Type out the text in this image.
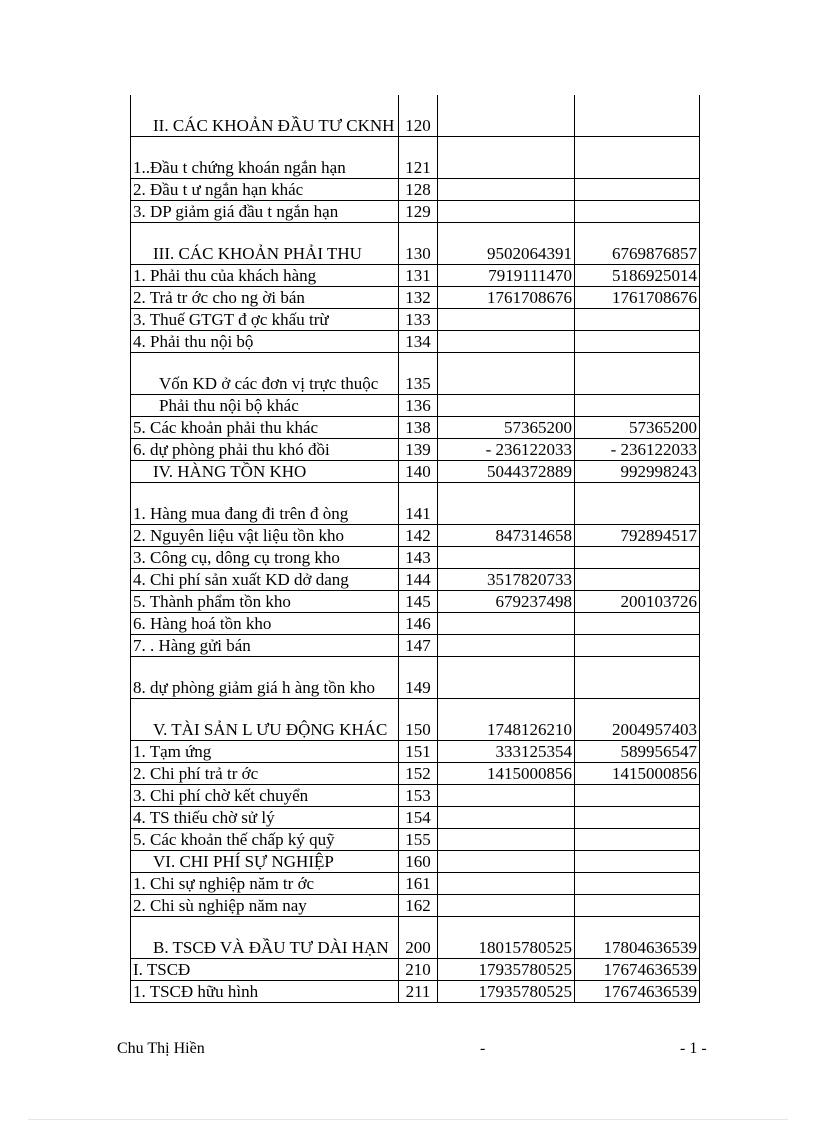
II. CÁC KHOẢN ĐẦU TƯ CKNH	120		
1..Đầu t chứng khoán ngắn hạn	121		
2. Đầu t ư ngắn hạn khác	128		
3. DP giảm giá đầu t ngắn hạn	129		
III. CÁC KHOẢN PHẢI THU	130	9502064391	6769876857
1. Phải thu của khách hàng	131	7919111470	5186925014
2. Trả tr ớc cho ng ời bán	132	1761708676	1761708676
3. Thuế GTGT đ ợc khấu trừ	133		
4. Phải thu nội bộ	134		
Vốn KD ở các đơn vị trực thuộc	135		
Phải thu nội bộ khác	136		
5. Các khoản phải thu khác	138	57365200	57365200
6. dự phòng phải thu khó đồi	139	- 236122033	- 236122033
IV. HÀNG TỒN KHO	140	5044372889	992998243
1. Hàng mua đang đi trên đ òng	141		
2. Nguyên liệu vật liệu tồn kho	142	847314658	792894517
3. Công cụ, dông cụ trong kho	143		
4. Chi phí sản xuất KD dở dang	144	3517820733	
5. Thành phẩm tồn kho	145	679237498	200103726
6. Hàng hoá tồn kho	146		
7. . Hàng gửi bán	147		
8. dự phòng giảm giá h àng tồn kho	149		
V. TÀI SẢN L ƯU ĐỘNG KHÁC	150	1748126210	2004957403
1. Tạm ứng	151	333125354	589956547
2. Chi phí trả tr ớc	152	1415000856	1415000856
3. Chi phí chờ kết chuyển	153		
4. TS thiếu chờ sử lý	154		
5. Các khoản thế chấp ký quỹ	155		
VI. CHI PHÍ SỰ NGHIỆP	160		
1. Chi sự nghiệp năm tr ớc	161		
2. Chi sù nghiệp năm nay	162		
B. TSCĐ VÀ ĐẦU TƯ DÀI HẠN	200	18015780525	17804636539
I. TSCĐ	210	17935780525	17674636539
1. TSCĐ hữu hình	211	17935780525	17674636539
Chu Thị Hiền	-	- 1 -
